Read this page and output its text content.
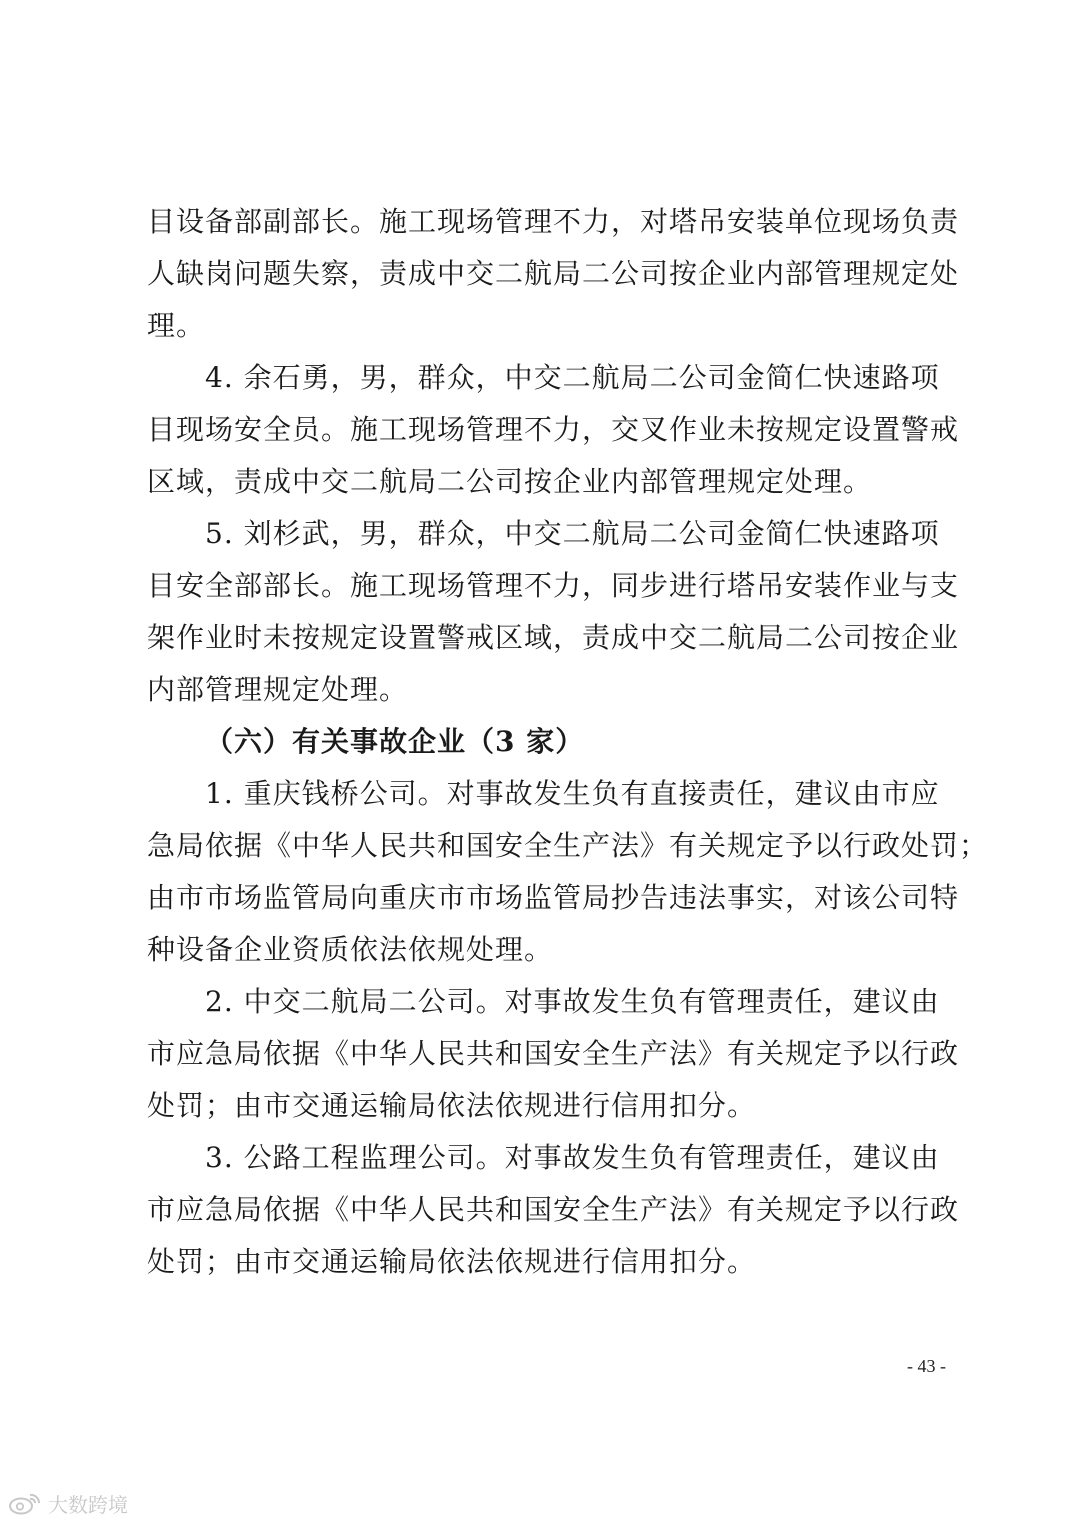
目设备部副部长。施工现场管理不力，对塔吊安装单位现场负责
人缺岗问题失察，责成中交二航局二公司按企业内部管理规定处
理。
4. 余石勇，男，群众，中交二航局二公司金简仁快速路项
目现场安全员。施工现场管理不力，交叉作业未按规定设置警戒
区域，责成中交二航局二公司按企业内部管理规定处理。
5. 刘杉武，男，群众，中交二航局二公司金简仁快速路项
目安全部部长。施工现场管理不力，同步进行塔吊安装作业与支
架作业时未按规定设置警戒区域，责成中交二航局二公司按企业
内部管理规定处理。
（六）有关事故企业（3 家）
1. 重庆钱桥公司。对事故发生负有直接责任，建议由市应
急局依据《中华人民共和国安全生产法》有关规定予以行政处罚；
由市市场监管局向重庆市市场监管局抄告违法事实，对该公司特
种设备企业资质依法依规处理。
2. 中交二航局二公司。对事故发生负有管理责任，建议由
市应急局依据《中华人民共和国安全生产法》有关规定予以行政
处罚；由市交通运输局依法依规进行信用扣分。
3. 公路工程监理公司。对事故发生负有管理责任，建议由
市应急局依据《中华人民共和国安全生产法》有关规定予以行政
处罚；由市交通运输局依法依规进行信用扣分。
- 43 -
大数跨境
